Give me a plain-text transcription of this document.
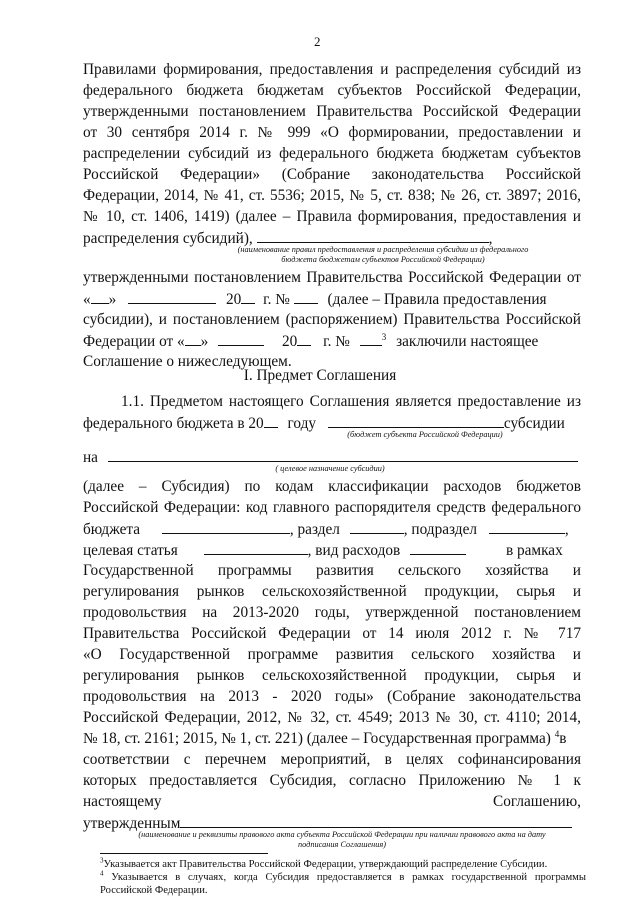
2
Правилами формирования, предоставления и распределения субсидий из
федерального бюджета бюджетам субъектов Российской Федерации,
утвержденными постановлением Правительства Российской Федерации
от 30 сентября 2014 г. № 999 «О формировании, предоставлении и
распределении субсидий из федерального бюджета бюджетам субъектов
Российской Федерации» (Собрание законодательства Российской
Федерации, 2014, № 41, ст. 5536; 2015, № 5, ст. 838; № 26, ст. 3897; 2016,
№ 10, ст. 1406, 1419) (далее – Правила формирования, предоставления и
распределения субсидий),	,
(наименование правил предоставления и распределения субсидии из федерального
бюджета бюджетам субъектов Российской Федерации)
утвержденными постановлением Правительства Российской Федерации от
« »	20 г. № (далее – Правила предоставления
субсидии), и постановлением (распоряжением) Правительства Российской
Федерации от « »	20 г. №	$^3$ заключили настоящее
Соглашение о нижеследующем.
I. Предмет Соглашения
1.1. Предметом настоящего Соглашения является предоставление из
федерального бюджета в 20 году	субсидии
(бюджет субъекта Российской Федерации)
на
( целевое назначение субсидии)
(далее – Субсидия) по кодам классификации расходов бюджетов
Российской Федерации: код главного распорядителя средств федерального
бюджета	, раздел	, подраздел	,
целевая статья	, вид расходов	в рамках
Государственной программы развития сельского хозяйства и
регулирования рынков сельскохозяйственной продукции, сырья и
продовольствия на 2013-2020 годы, утвержденной постановлением
Правительства Российской Федерации от 14 июля 2012 г. № 717
«О Государственной программе развития сельского хозяйства и
регулирования рынков сельскохозяйственной продукции, сырья и
продовольствия на 2013 - 2020 годы» (Собрание законодательства
Российской Федерации, 2012, № 32, ст. 4549; 2013 № 30, ст. 4110; 2014,
№ 18, ст. 2161; 2015, № 1, ст. 221) (далее – Государственная программа) $^4$в
соответствии с перечнем мероприятий, в целях софинансирования
которых предоставляется Субсидия, согласно Приложению № 1 к
настоящему	Соглашению,
утвержденным
(наименование и реквизиты правового акта субъекта Российской Федерации при наличии правового акта на дату
подписания Соглашения)
$^3$Указывается акт Правительства Российской Федерации, утверждающий распределение Субсидии.
$^4$ Указывается в случаях, когда Субсидия предоставляется в рамках государственной программы
Российской Федерации.
